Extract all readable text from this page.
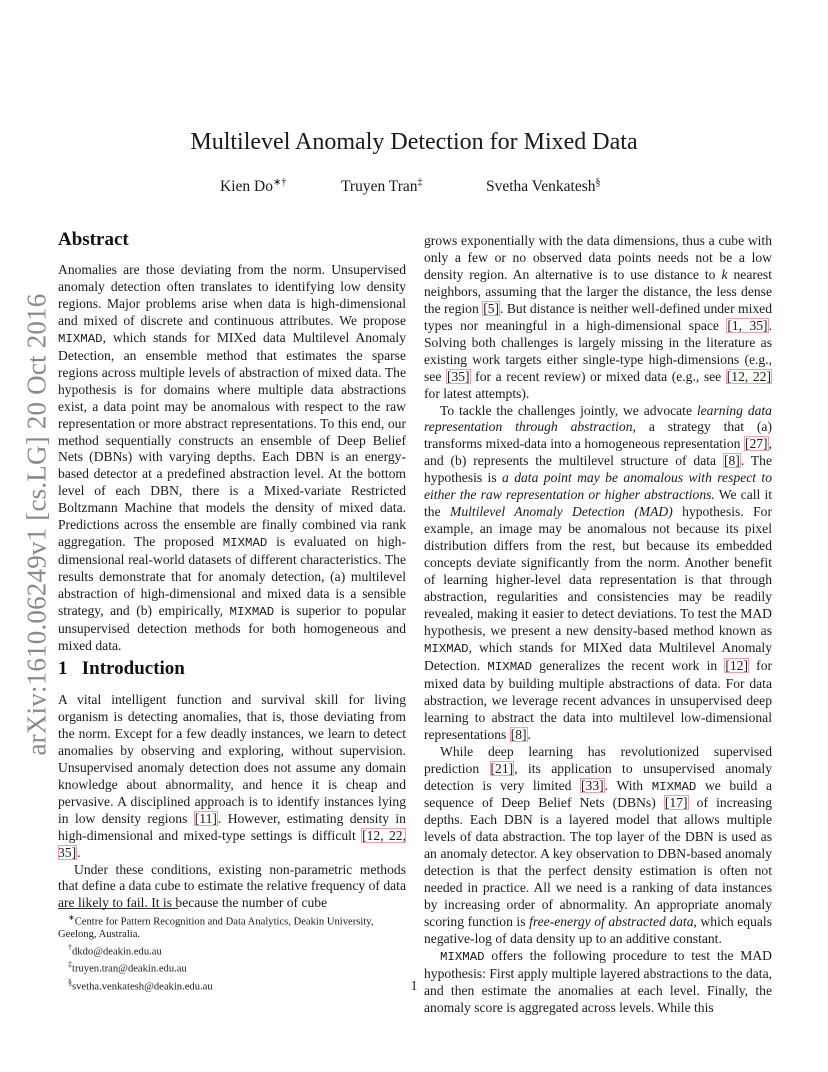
arXiv:1610.06249v1 [cs.LG] 20 Oct 2016
Multilevel Anomaly Detection for Mixed Data
Kien Do∗†	Truyen Tran‡	Svetha Venkatesh§
Abstract

Anomalies are those deviating from the norm. Unsupervised anomaly detection often translates to identifying low density regions. Major problems arise when data is high-dimensional and mixed of discrete and continuous attributes. We propose MIXMAD, which stands for MIXed data Multilevel Anomaly Detection, an ensemble method that estimates the sparse regions across multiple levels of abstraction of mixed data. The hypothesis is for domains where multiple data abstractions exist, a data point may be anomalous with respect to the raw representation or more abstract representations. To this end, our method sequentially constructs an ensemble of Deep Belief Nets (DBNs) with varying depths. Each DBN is an energy-based detector at a predefined abstraction level. At the bottom level of each DBN, there is a Mixed-variate Restricted Boltzmann Machine that models the density of mixed data. Predictions across the ensemble are finally combined via rank aggregation. The proposed MIXMAD is evaluated on high-dimensional real-world datasets of different characteristics. The results demonstrate that for anomaly detection, (a) multilevel abstraction of high-dimensional and mixed data is a sensible strategy, and (b) empirically, MIXMAD is superior to popular unsupervised detection methods for both homogeneous and mixed data.

1 Introduction

A vital intelligent function and survival skill for living organism is detecting anomalies, that is, those deviating from the norm. Except for a few deadly instances, we learn to detect anomalies by observing and exploring, without supervision. Unsupervised anomaly detection does not assume any domain knowledge about abnormality, and hence it is cheap and pervasive. A disciplined approach is to identify instances lying in low density regions [11]. However, estimating density in high-dimensional and mixed-type settings is difficult [12, 22, 35].

Under these conditions, existing non-parametric methods that define a data cube to estimate the relative frequency of data are likely to fail. It is because the number of cube

grows exponentially with the data dimensions, thus a cube with only a few or no observed data points needs not be a low density region. An alternative is to use distance to k nearest neighbors, assuming that the larger the distance, the less dense the region [5]. But distance is neither well-defined under mixed types nor meaningful in a high-dimensional space [1, 35]. Solving both challenges is largely missing in the literature as existing work targets either single-type high-dimensions (e.g., see [35] for a recent review) or mixed data (e.g., see [12, 22] for latest attempts).

To tackle the challenges jointly, we advocate learning data representation through abstraction, a strategy that (a) transforms mixed-data into a homogeneous representation [27], and (b) represents the multilevel structure of data [8]. The hypothesis is a data point may be anomalous with respect to either the raw representation or higher abstractions. We call it the Multilevel Anomaly Detection (MAD) hypothesis. For example, an image may be anomalous not because its pixel distribution differs from the rest, but because its embedded concepts deviate significantly from the norm. Another benefit of learning higher-level data representation is that through abstraction, regularities and consistencies may be readily revealed, making it easier to detect deviations. To test the MAD hypothesis, we present a new density-based method known as MIXMAD, which stands for MIXed data Multilevel Anomaly Detection. MIXMAD generalizes the recent work in [12] for mixed data by building multiple abstractions of data. For data abstraction, we leverage recent advances in unsupervised deep learning to abstract the data into multilevel low-dimensional representations [8].

While deep learning has revolutionized supervised prediction [21], its application to unsupervised anomaly detection is very limited [33]. With MIXMAD we build a sequence of Deep Belief Nets (DBNs) [17] of increasing depths. Each DBN is a layered model that allows multiple levels of data abstraction. The top layer of the DBN is used as an anomaly detector. A key observation to DBN-based anomaly detection is that the perfect density estimation is often not needed in practice. All we need is a ranking of data instances by increasing order of abnormality. An appropriate anomaly scoring function is free-energy of abstracted data, which equals negative-log of data density up to an additive constant.

MIXMAD offers the following procedure to test the MAD hypothesis: First apply multiple layered abstractions to the data, and then estimate the anomalies at each level. Finally, the anomaly score is aggregated across levels. While this

∗Centre for Pattern Recognition and Data Analytics, Deakin University, Geelong, Australia.
†dkdo@deakin.edu.au
‡truyen.tran@deakin.edu.au
§svetha.venkatesh@deakin.edu.au	1
